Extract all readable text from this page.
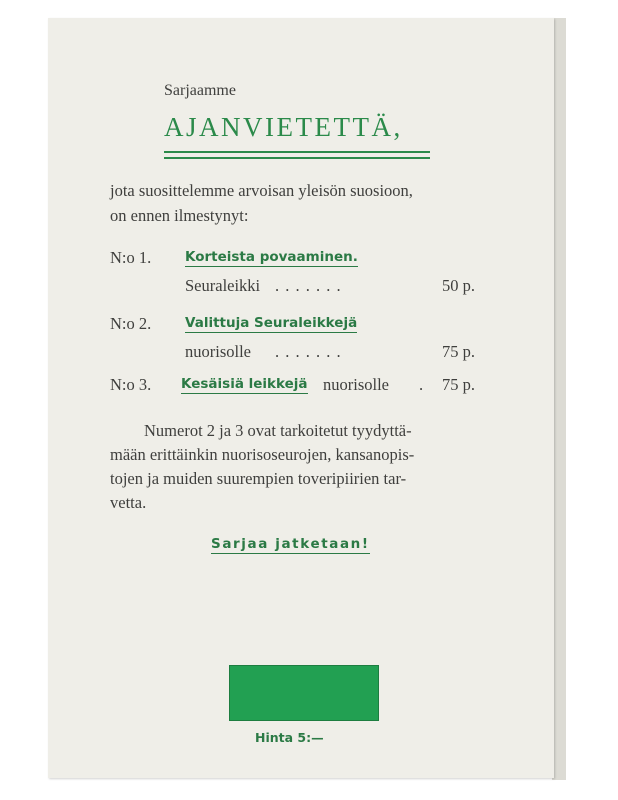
Sarjaamme
AJANVIETETTÄ,
jota suosittelemme arvoisan yleisön suosioon,
on ennen ilmestynyt:
N:o 1.	Korteista povaaminen.
Seuraleikki . . . . . . .	50 p.
N:o 2.	Valittuja Seuraleikkejä
nuorisolle . . . . . . .	75 p.
N:o 3. Kesäisiä leikkejä nuorisolle . 75 p.
Numerot 2 ja 3 ovat tarkoitetut tyydyttä-
mään erittäinkin nuorisoseurojen, kansanopis-
tojen ja muiden suurempien toveripiirien tar-
vetta.
Sarjaa jatketaan!
Hinta 5:—
